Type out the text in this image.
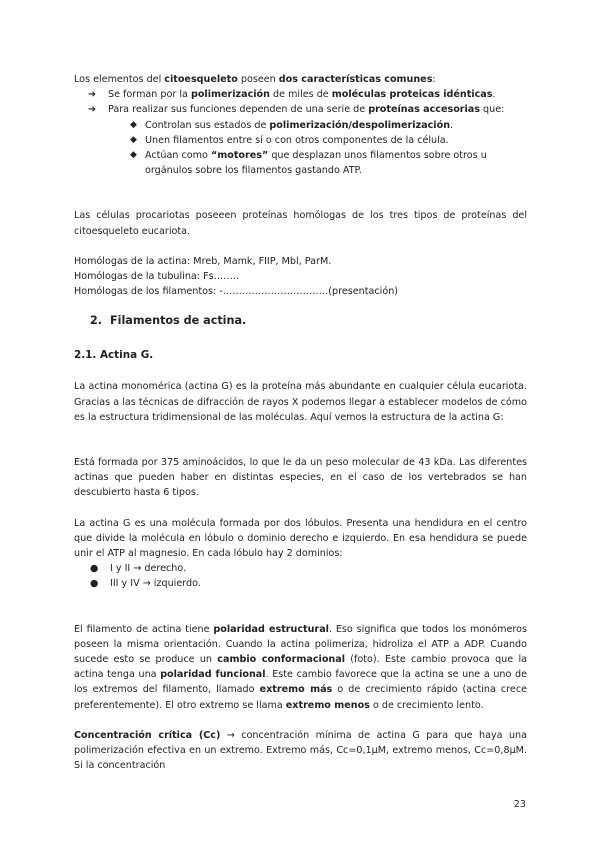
Los elementos del citoesqueleto poseen dos características comunes:

➔ Se forman por la polimerización de miles de moléculas proteicas idénticas.
➔ Para realizar sus funciones dependen de una serie de proteínas accesorias que:
◆ Controlan sus estados de polimerización/despolimerización.
◆ Unen filamentos entre sí o con otros componentes de la célula.
◆ Actúan como “motores” que desplazan unos filamentos sobre otros u orgánulos sobre los filamentos gastando ATP.

Las células procariotas poseeen proteínas homólogas de los tres tipos de proteínas del citoesqueleto eucariota.

Homólogas de la actina: Mreb, Mamk, FIIP, Mbl, ParM.

Homólogas de la tubulina: Fs……..

Homólogas de los filamentos: -……………………………(presentación)

2. Filamentos de actina.
2.1. Actina G.

La actina monomérica (actina G) es la proteína más abundante en cualquier célula eucariota. Gracias a las técnicas de difracción de rayos X podemos llegar a establecer modelos de cómo es la estructura tridimensional de las moléculas. Aquí vemos la estructura de la actina G:

Está formada por 375 aminoácidos, lo que le da un peso molecular de 43 kDa. Las diferentes actinas que pueden haber en distintas especies, en el caso de los vertebrados se han descubierto hasta 6 tipos.

La actina G es una molécula formada por dos lóbulos. Presenta una hendidura en el centro que divide la molécula en lóbulo o dominio derecho e izquierdo. En esa hendidura se puede unir el ATP al magnesio. En cada lóbulo hay 2 dominios:

● I y II → derecho.
● III y IV → izquierdo.

El filamento de actina tiene polaridad estructural. Eso significa que todos los monómeros poseen la misma orientación. Cuando la actina polimeriza, hidroliza el ATP a ADP. Cuando sucede esto se produce un cambio conformacional (foto). Este cambio provoca que la actina tenga una polaridad funcional. Este cambio favorece que la actina se une a uno de los extremos del filamento, llamado extremo más o de crecimiento rápido (actina crece preferentemente). El otro extremo se llama extremo menos o de crecimiento lento.

Concentración crítica (Cc) → concentración mínima de actina G para que haya una polimerización efectiva en un extremo. Extremo más, Cc=0,1μM, extremo menos, Cc=0,8μM. Si la concentración

23
